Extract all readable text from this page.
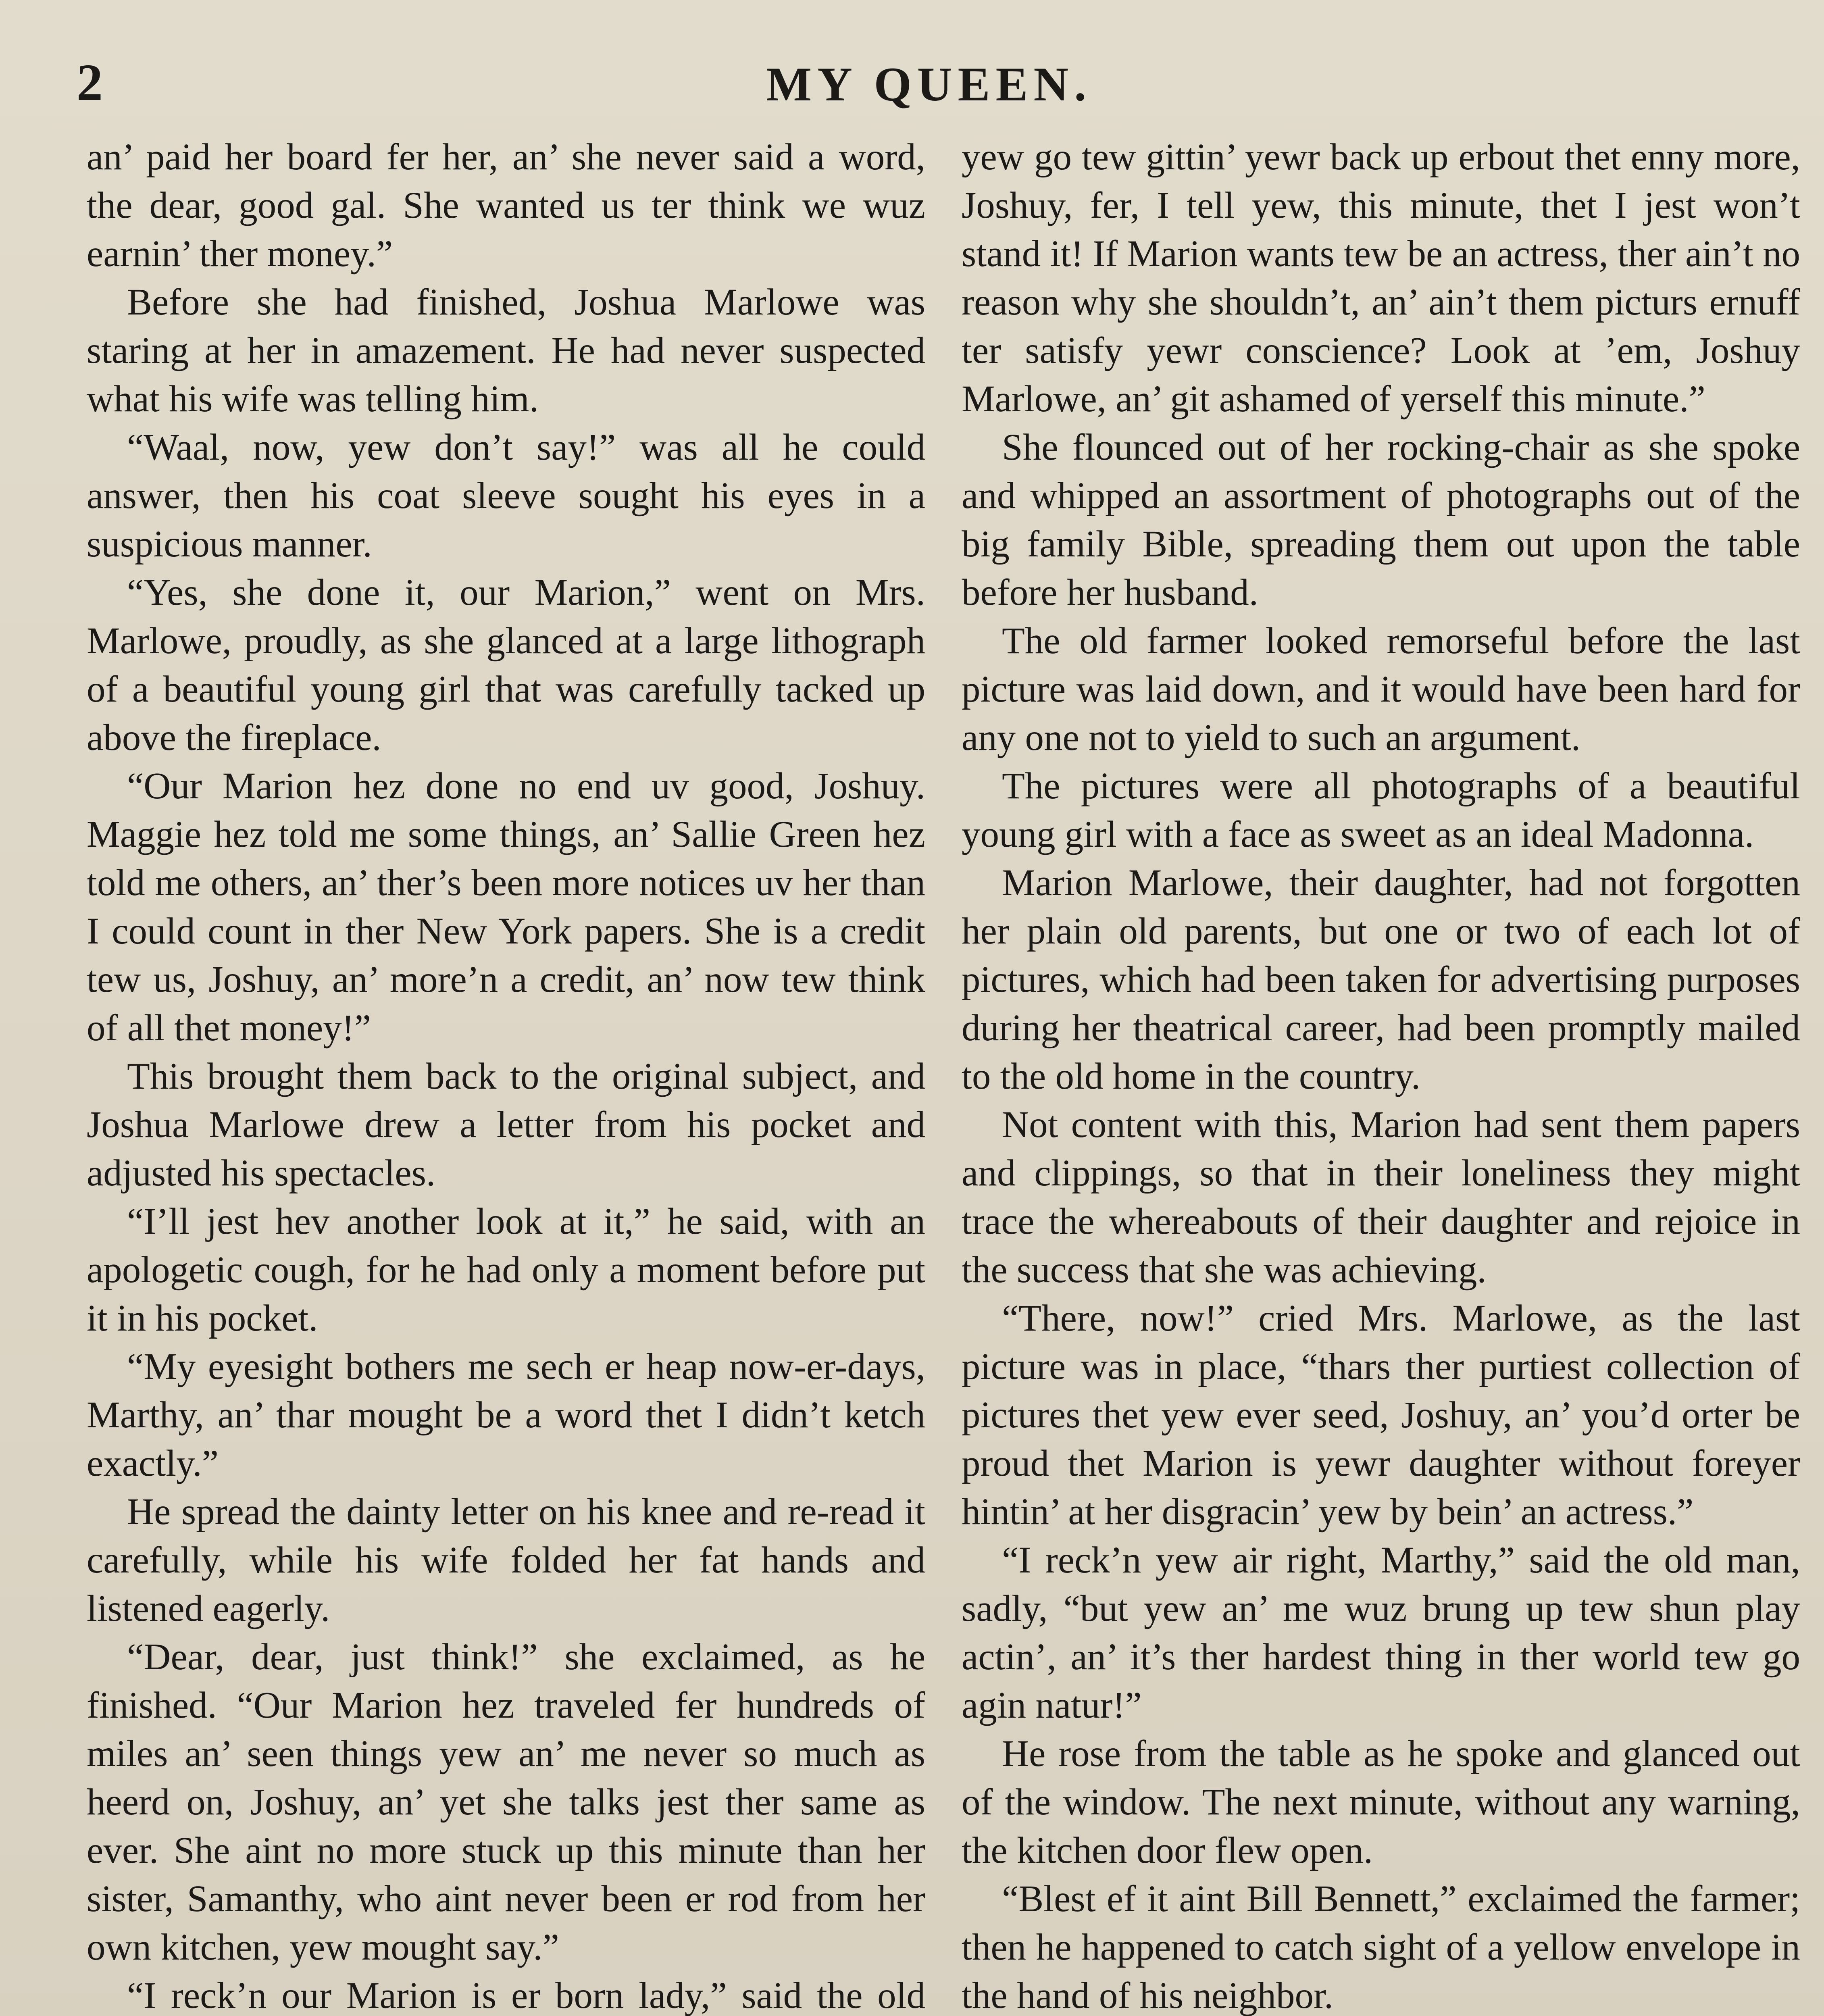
2	MY QUEEN.

an’ paid her board fer her, an’ she never said a word, the dear, good gal. She wanted us ter think we wuz earnin’ ther money.”

Before she had finished, Joshua Marlowe was staring at her in amazement. He had never suspected what his wife was telling him.

“Waal, now, yew don’t say!” was all he could answer, then his coat sleeve sought his eyes in a suspicious manner.

“Yes, she done it, our Marion,” went on Mrs. Marlowe, proudly, as she glanced at a large lithograph of a beautiful young girl that was carefully tacked up above the fireplace.

“Our Marion hez done no end uv good, Joshuy. Maggie hez told me some things, an’ Sallie Green hez told me others, an’ ther’s been more notices uv her than I could count in ther New York papers. She is a credit tew us, Joshuy, an’ more’n a credit, an’ now tew think of all thet money!”

This brought them back to the original subject, and Joshua Marlowe drew a letter from his pocket and adjusted his spectacles.

“I’ll jest hev another look at it,” he said, with an apologetic cough, for he had only a moment before put it in his pocket.

“My eyesight bothers me sech er heap now-er-days, Marthy, an’ thar mought be a word thet I didn’t ketch exactly.”

He spread the dainty letter on his knee and re-read it carefully, while his wife folded her fat hands and listened eagerly.

“Dear, dear, just think!” she exclaimed, as he finished. “Our Marion hez traveled fer hundreds of miles an’ seen things yew an’ me never so much as heerd on, Joshuy, an’ yet she talks jest ther same as ever. She aint no more stuck up this minute than her sister, Samanthy, who aint never been er rod from her own kitchen, yew mought say.”

“I reck’n our Marion is er born lady,” said the old

yew go tew gittin’ yewr back up erbout thet enny more, Joshuy, fer, I tell yew, this minute, thet I jest won’t stand it! If Marion wants tew be an actress, ther ain’t no reason why she shouldn’t, an’ ain’t them picturs ernuff ter satisfy yewr conscience? Look at ’em, Joshuy Marlowe, an’ git ashamed of yerself this minute.”

She flounced out of her rocking-chair as she spoke and whipped an assortment of photographs out of the big family Bible, spreading them out upon the table before her husband.

The old farmer looked remorseful before the last picture was laid down, and it would have been hard for any one not to yield to such an argument.

The pictures were all photographs of a beautiful young girl with a face as sweet as an ideal Madonna.

Marion Marlowe, their daughter, had not forgotten her plain old parents, but one or two of each lot of pictures, which had been taken for advertising purposes during her theatrical career, had been promptly mailed to the old home in the country.

Not content with this, Marion had sent them papers and clippings, so that in their loneliness they might trace the whereabouts of their daughter and rejoice in the success that she was achieving.

“There, now!” cried Mrs. Marlowe, as the last picture was in place, “thars ther purtiest collection of pictures thet yew ever seed, Joshuy, an’ you’d orter be proud thet Marion is yewr daughter without foreyer hintin’ at her disgracin’ yew by bein’ an actress.”

“I reck’n yew air right, Marthy,” said the old man, sadly, “but yew an’ me wuz brung up tew shun play actin’, an’ it’s ther hardest thing in ther world tew go agin natur!”

He rose from the table as he spoke and glanced out of the window. The next minute, without any warning, the kitchen door flew open.

“Blest ef it aint Bill Bennett,” exclaimed the farmer; then he happened to catch sight of a yellow envelope in the hand of his neighbor.
